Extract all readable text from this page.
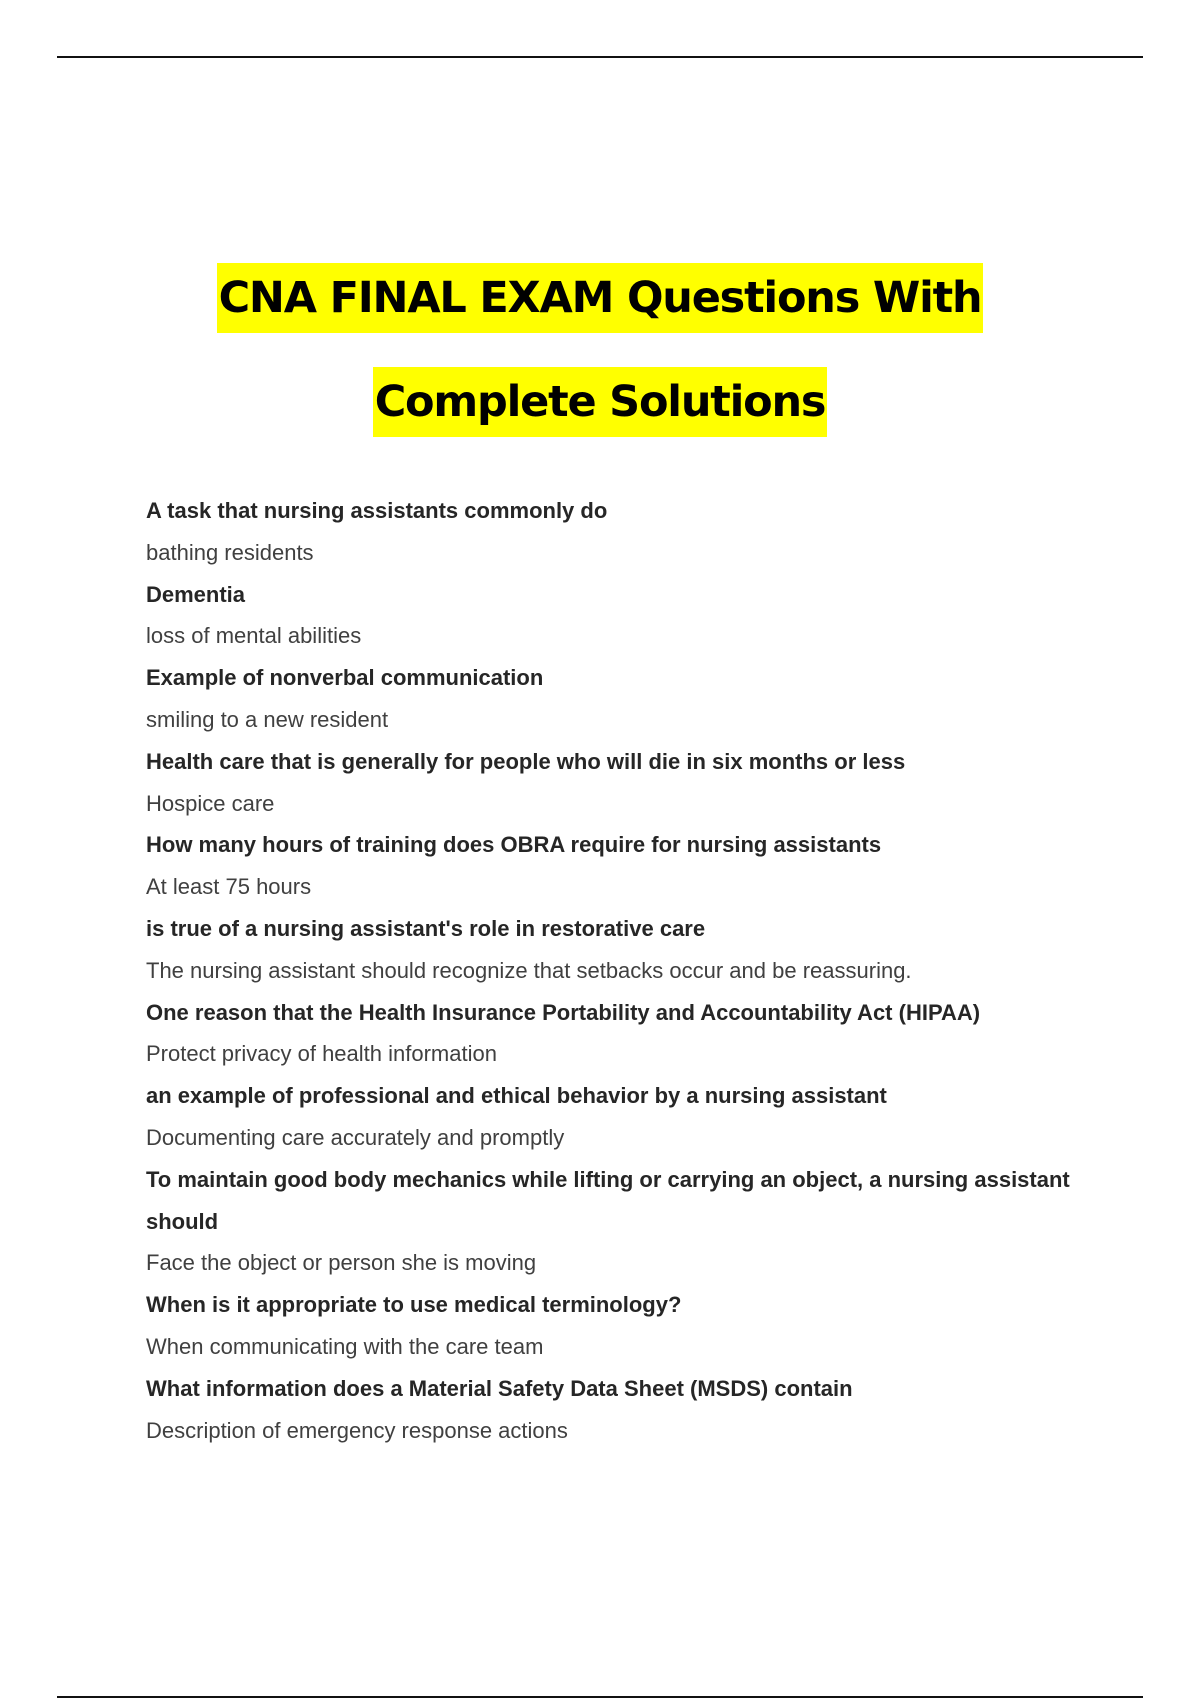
CNA FINAL EXAM Questions With
Complete Solutions
A task that nursing assistants commonly do
bathing residents
Dementia
loss of mental abilities
Example of nonverbal communication
smiling to a new resident
Health care that is generally for people who will die in six months or less
Hospice care
How many hours of training does OBRA require for nursing assistants
At least 75 hours
is true of a nursing assistant's role in restorative care
The nursing assistant should recognize that setbacks occur and be reassuring.
One reason that the Health Insurance Portability and Accountability Act (HIPAA)
Protect privacy of health information
an example of professional and ethical behavior by a nursing assistant
Documenting care accurately and promptly
To maintain good body mechanics while lifting or carrying an object, a nursing assistant should
Face the object or person she is moving
When is it appropriate to use medical terminology?
When communicating with the care team
What information does a Material Safety Data Sheet (MSDS) contain
Description of emergency response actions
